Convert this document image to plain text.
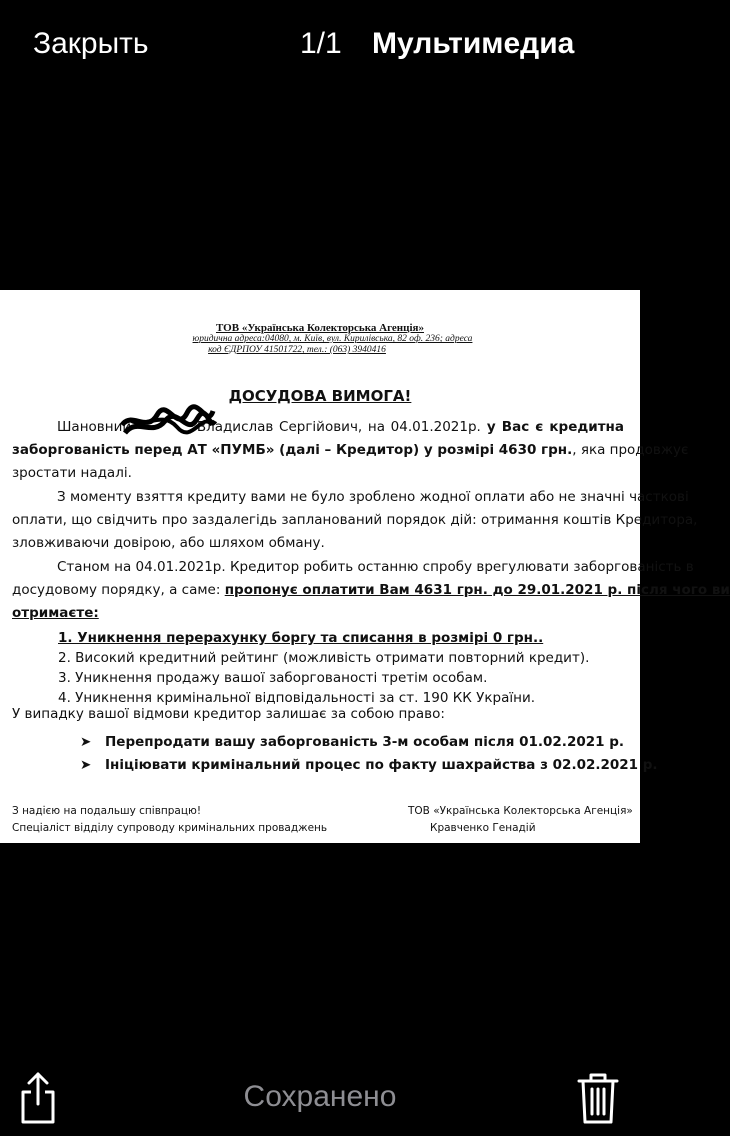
Закрыть	1/1 Мультимедиа
ТОВ «Українська Колекторська Агенція»
юридична адреса:04080, м. Київ, вул. Кирилівська, 82 оф. 236; адреса
код ЄДРПОУ 41501722, тел.: (063) 3940416
ДОСУДОВА ВИМОГА!
Шановний	Владислав Сергійович, на 04.01.2021р. у Вас є кредитна
заборгованість перед АТ «ПУМБ» (далі – Кредитор) у розмірі 4630 грн., яка продовжує
зростати надалі.
З моменту взяття кредиту вами не було зроблено жодної оплати або не значні часткові
оплати, що свідчить про заздалегідь запланований порядок дій: отримання коштів Кредитора,
зловживаючи довірою, або шляхом обману.
Станом на 04.01.2021р. Кредитор робить останню спробу врегулювати заборгованість в
досудовому порядку, а саме: пропонує оплатити Вам 4631 грн. до 29.01.2021 р. після чого ви
отримаєте:
1. Уникнення перерахунку боргу та списання в розмірі 0 грн..
2. Високий кредитний рейтинг (можливість отримати повторний кредит).
3. Уникнення продажу вашої заборгованості третім особам.
4. Уникнення кримінальної відповідальності за ст. 190 КК України.
У випадку вашої відмови кредитор залишає за собою право:
➤ Перепродати вашу заборгованість 3-м особам після 01.02.2021 р.
➤ Ініціювати кримінальний процес по факту шахрайства з 02.02.2021 р.
З надією на подальшу співпрацю!
Спеціаліст відділу супроводу кримінальних проваджень
ТОВ «Українська Колекторська Агенція»
Кравченко Генадій
Сохранено
